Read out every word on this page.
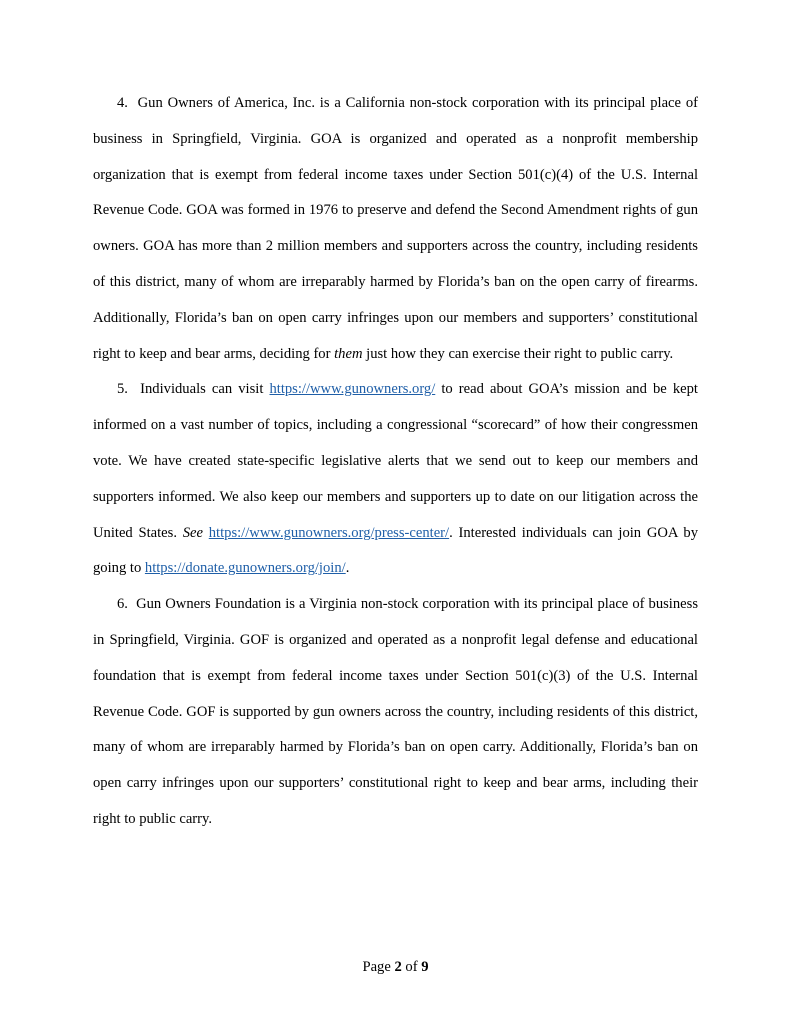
4. Gun Owners of America, Inc. is a California non-stock corporation with its principal place of business in Springfield, Virginia. GOA is organized and operated as a nonprofit membership organization that is exempt from federal income taxes under Section 501(c)(4) of the U.S. Internal Revenue Code. GOA was formed in 1976 to preserve and defend the Second Amendment rights of gun owners. GOA has more than 2 million members and supporters across the country, including residents of this district, many of whom are irreparably harmed by Florida’s ban on the open carry of firearms. Additionally, Florida’s ban on open carry infringes upon our members and supporters’ constitutional right to keep and bear arms, deciding for them just how they can exercise their right to public carry.

5. Individuals can visit https://www.gunowners.org/ to read about GOA’s mission and be kept informed on a vast number of topics, including a congressional “scorecard” of how their congressmen vote. We have created state-specific legislative alerts that we send out to keep our members and supporters informed. We also keep our members and supporters up to date on our litigation across the United States. See https://www.gunowners.org/press-center/. Interested individuals can join GOA by going to https://donate.gunowners.org/join/.

6. Gun Owners Foundation is a Virginia non-stock corporation with its principal place of business in Springfield, Virginia. GOF is organized and operated as a nonprofit legal defense and educational foundation that is exempt from federal income taxes under Section 501(c)(3) of the U.S. Internal Revenue Code. GOF is supported by gun owners across the country, including residents of this district, many of whom are irreparably harmed by Florida’s ban on open carry. Additionally, Florida’s ban on open carry infringes upon our supporters’ constitutional right to keep and bear arms, including their right to public carry.

Page 2 of 9
